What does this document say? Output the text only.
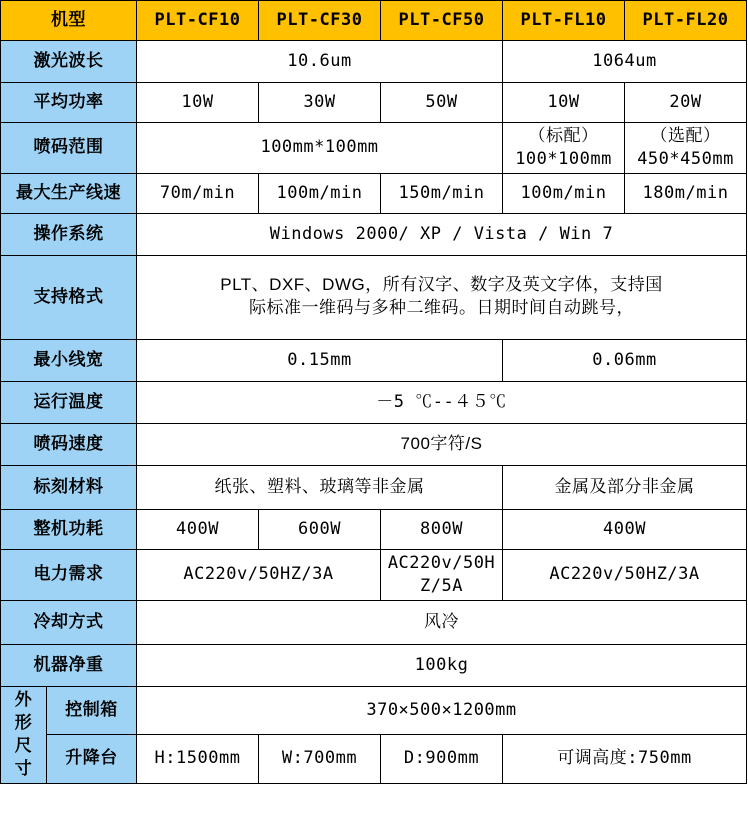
机型		PLT-CF10	PLT-CF30	PLT-CF50	PLT-FL10	PLT-FL20
激光波长		10.6um			1064um	
平均功率		10W	30W	50W	10W	20W
喷码范围		100mm*100mm			（标配）100*100mm	（选配）450*450mm
最大生产线速		70m/min	100m/min	150m/min	100m/min	180m/min
操作系统		Windows 2000/ XP / Vista / Win 7				
支持格式		PLT、DXF、DWG，所有汉字、数字及英文字体，支持国
际标准一维码与多种二维码。日期时间自动跳号，				

最小线宽		0.15mm			0.06mm	
运行温度		－5 ℃--４５℃				
喷码速度		700字符/S				
标刻材料		纸张、塑料、玻璃等非金属			金属及部分非金属	
整机功耗		400W	600W	800W	400W	
电力需求		AC220v/50HZ/3A		AC220v/50HZ/5A	AC220v/50HZ/3A	
冷却方式		风冷				
机器净重		100kg				
外
形
尺
寸	控制箱	370×500×1200mm				
	升降台	H:1500mm	W:700mm	D:900mm	可调高度:750mm	
